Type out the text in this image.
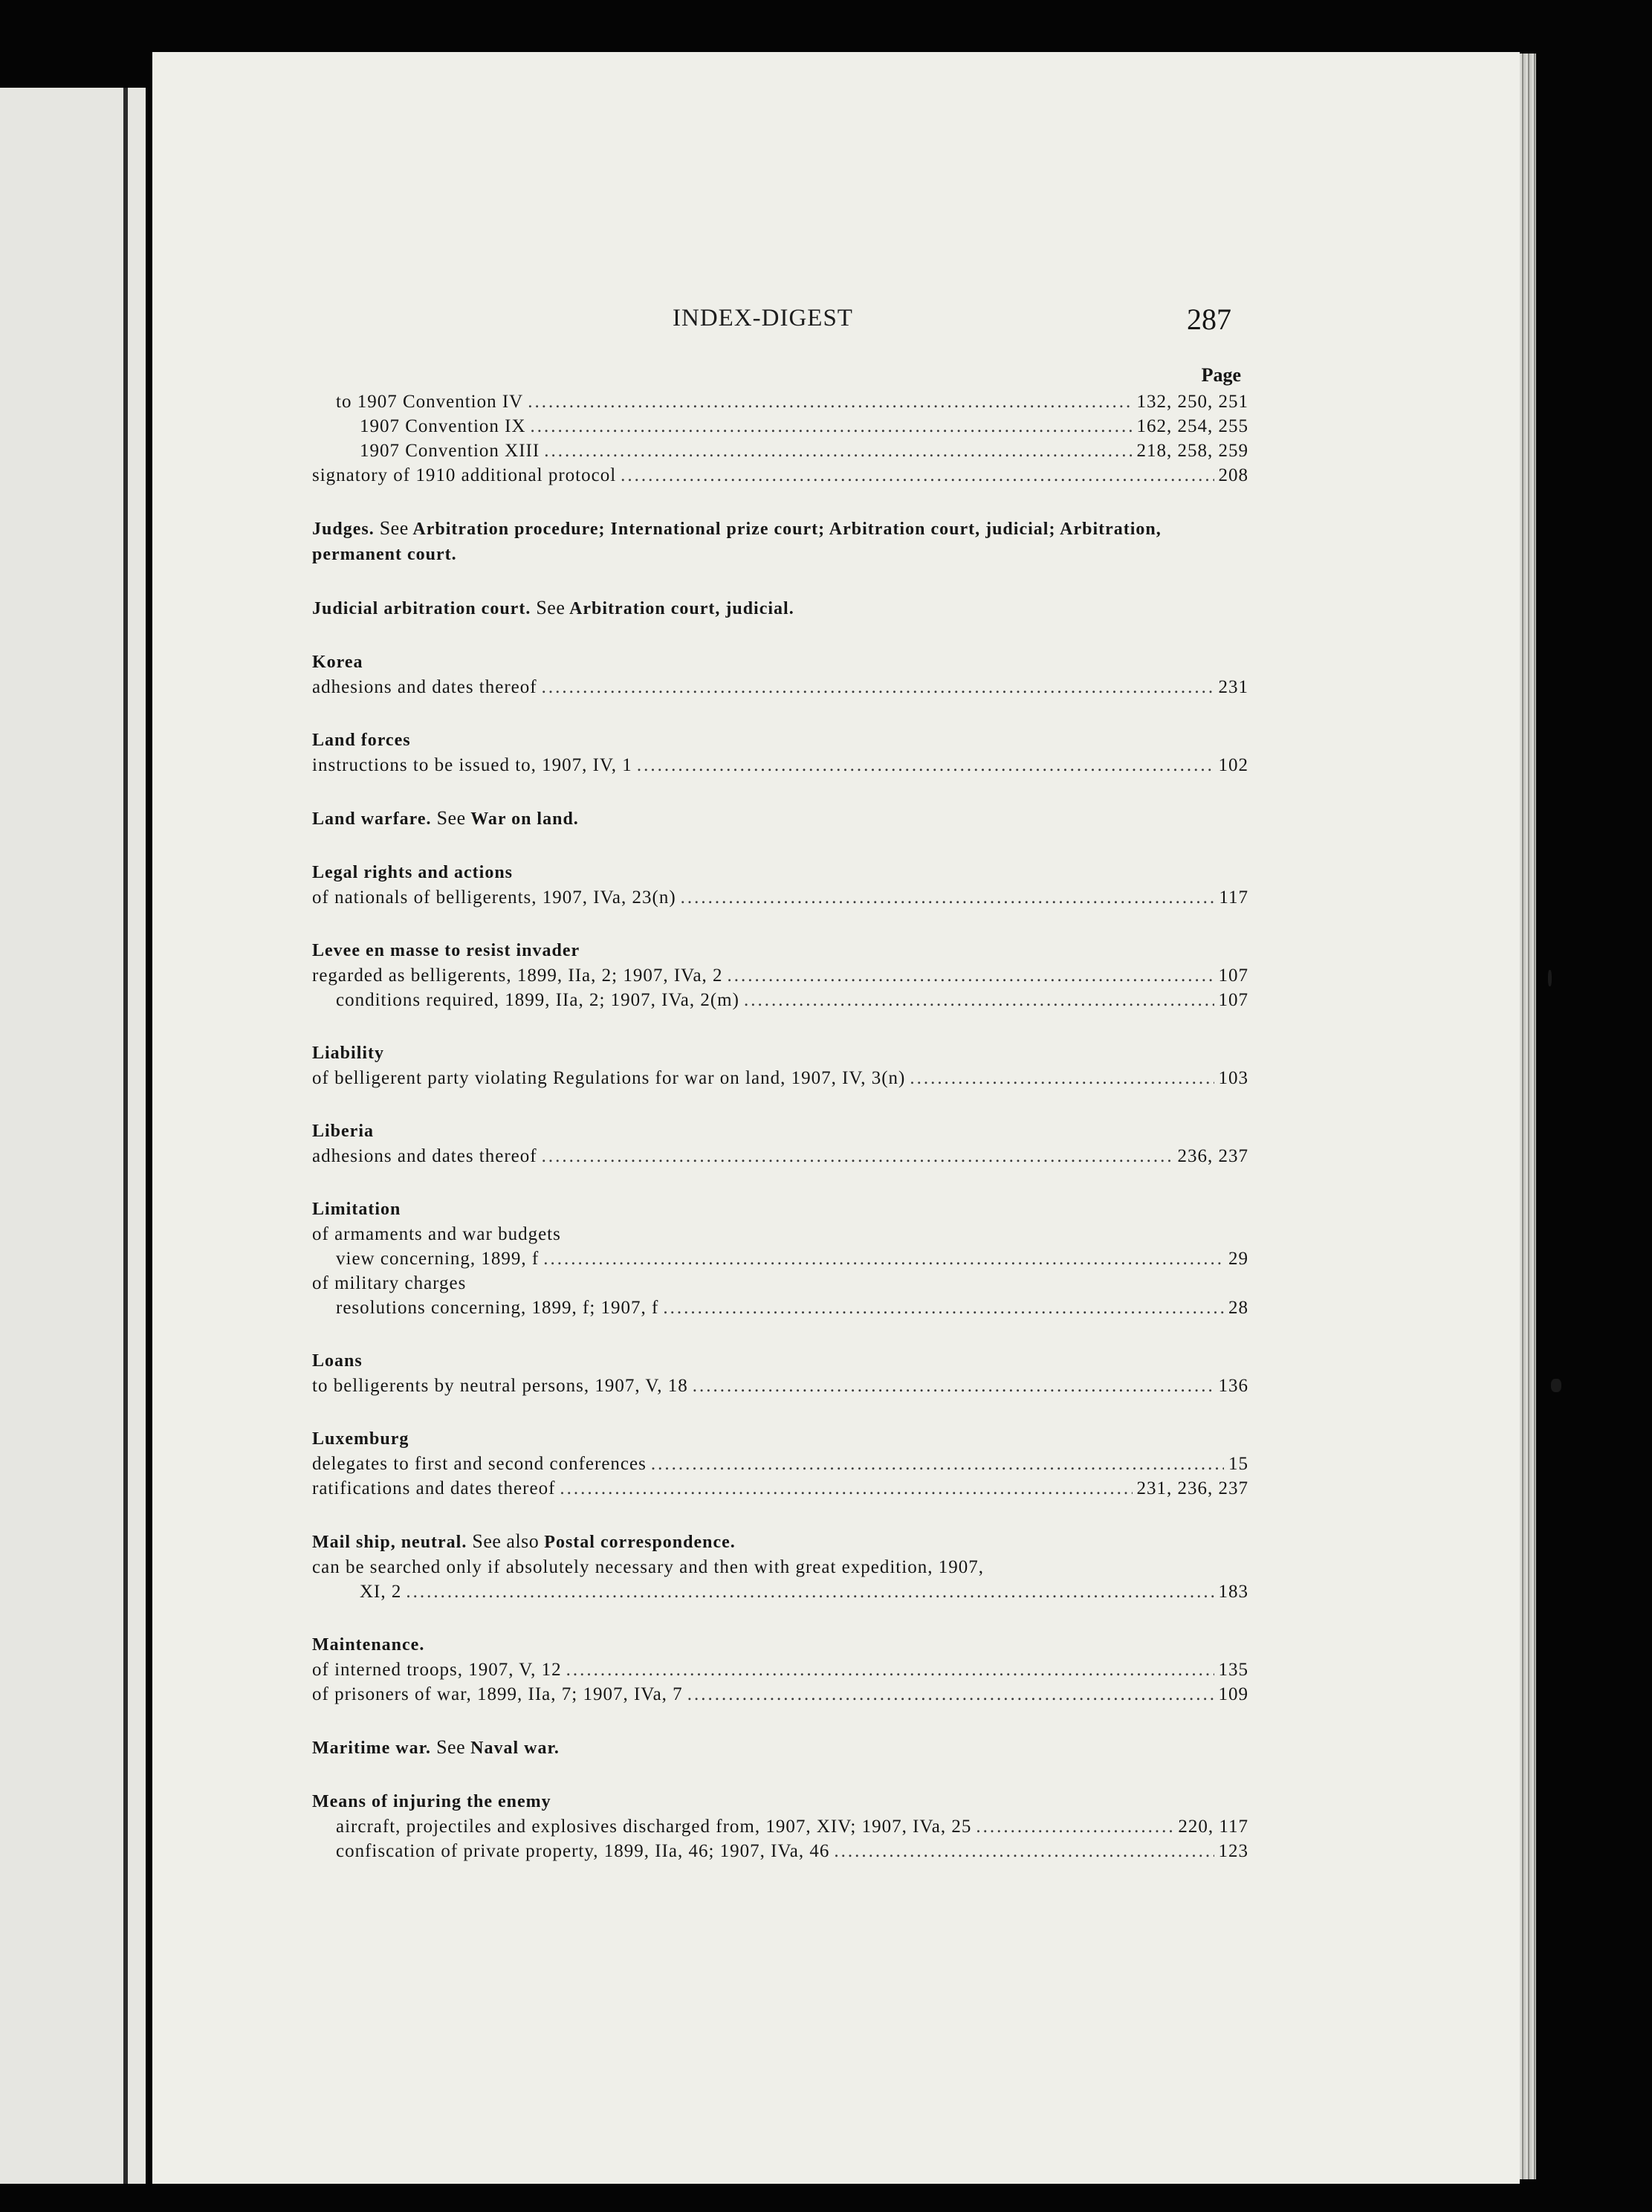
INDEX-DIGEST	287
Page
to 1907 Convention IV .....	132, 250, 251
1907 Convention IX .....	162, 254, 255
1907 Convention XIII .....	218, 258, 259
signatory of 1910 additional protocol .....	208
Judges. See Arbitration procedure; International prize court; Arbitration court, judicial; Arbitration, permanent court.
Judicial arbitration court. See Arbitration court, judicial.
Korea
adhesions and dates thereof .....	231
Land forces
instructions to be issued to, 1907, IV, 1 .....	102
Land warfare. See War on land.
Legal rights and actions
of nationals of belligerents, 1907, IVa, 23(n) .....	117
Levee en masse to resist invader
regarded as belligerents, 1899, IIa, 2; 1907, IVa, 2 .....	107
conditions required, 1899, IIa, 2; 1907, IVa, 2(m) .....	107
Liability
of belligerent party violating Regulations for war on land, 1907, IV, 3(n) .....	103
Liberia
adhesions and dates thereof .....	236, 237
Limitation
of armaments and war budgets
view concerning, 1899, f .....	29
of military charges
resolutions concerning, 1899, f; 1907, f .....	28
Loans
to belligerents by neutral persons, 1907, V, 18 .....	136
Luxemburg
delegates to first and second conferences .....	15
ratifications and dates thereof .....	231, 236, 237
Mail ship, neutral. See also Postal correspondence.
can be searched only if absolutely necessary and then with great expedition, 1907,
XI, 2 .....	183
Maintenance.
of interned troops, 1907, V, 12 .....	135
of prisoners of war, 1899, IIa, 7; 1907, IVa, 7 .....	109
Maritime war. See Naval war.
Means of injuring the enemy
aircraft, projectiles and explosives discharged from, 1907, XIV; 1907, IVa, 25 .....	220, 117
confiscation of private property, 1899, IIa, 46; 1907, IVa, 46 .....	123
